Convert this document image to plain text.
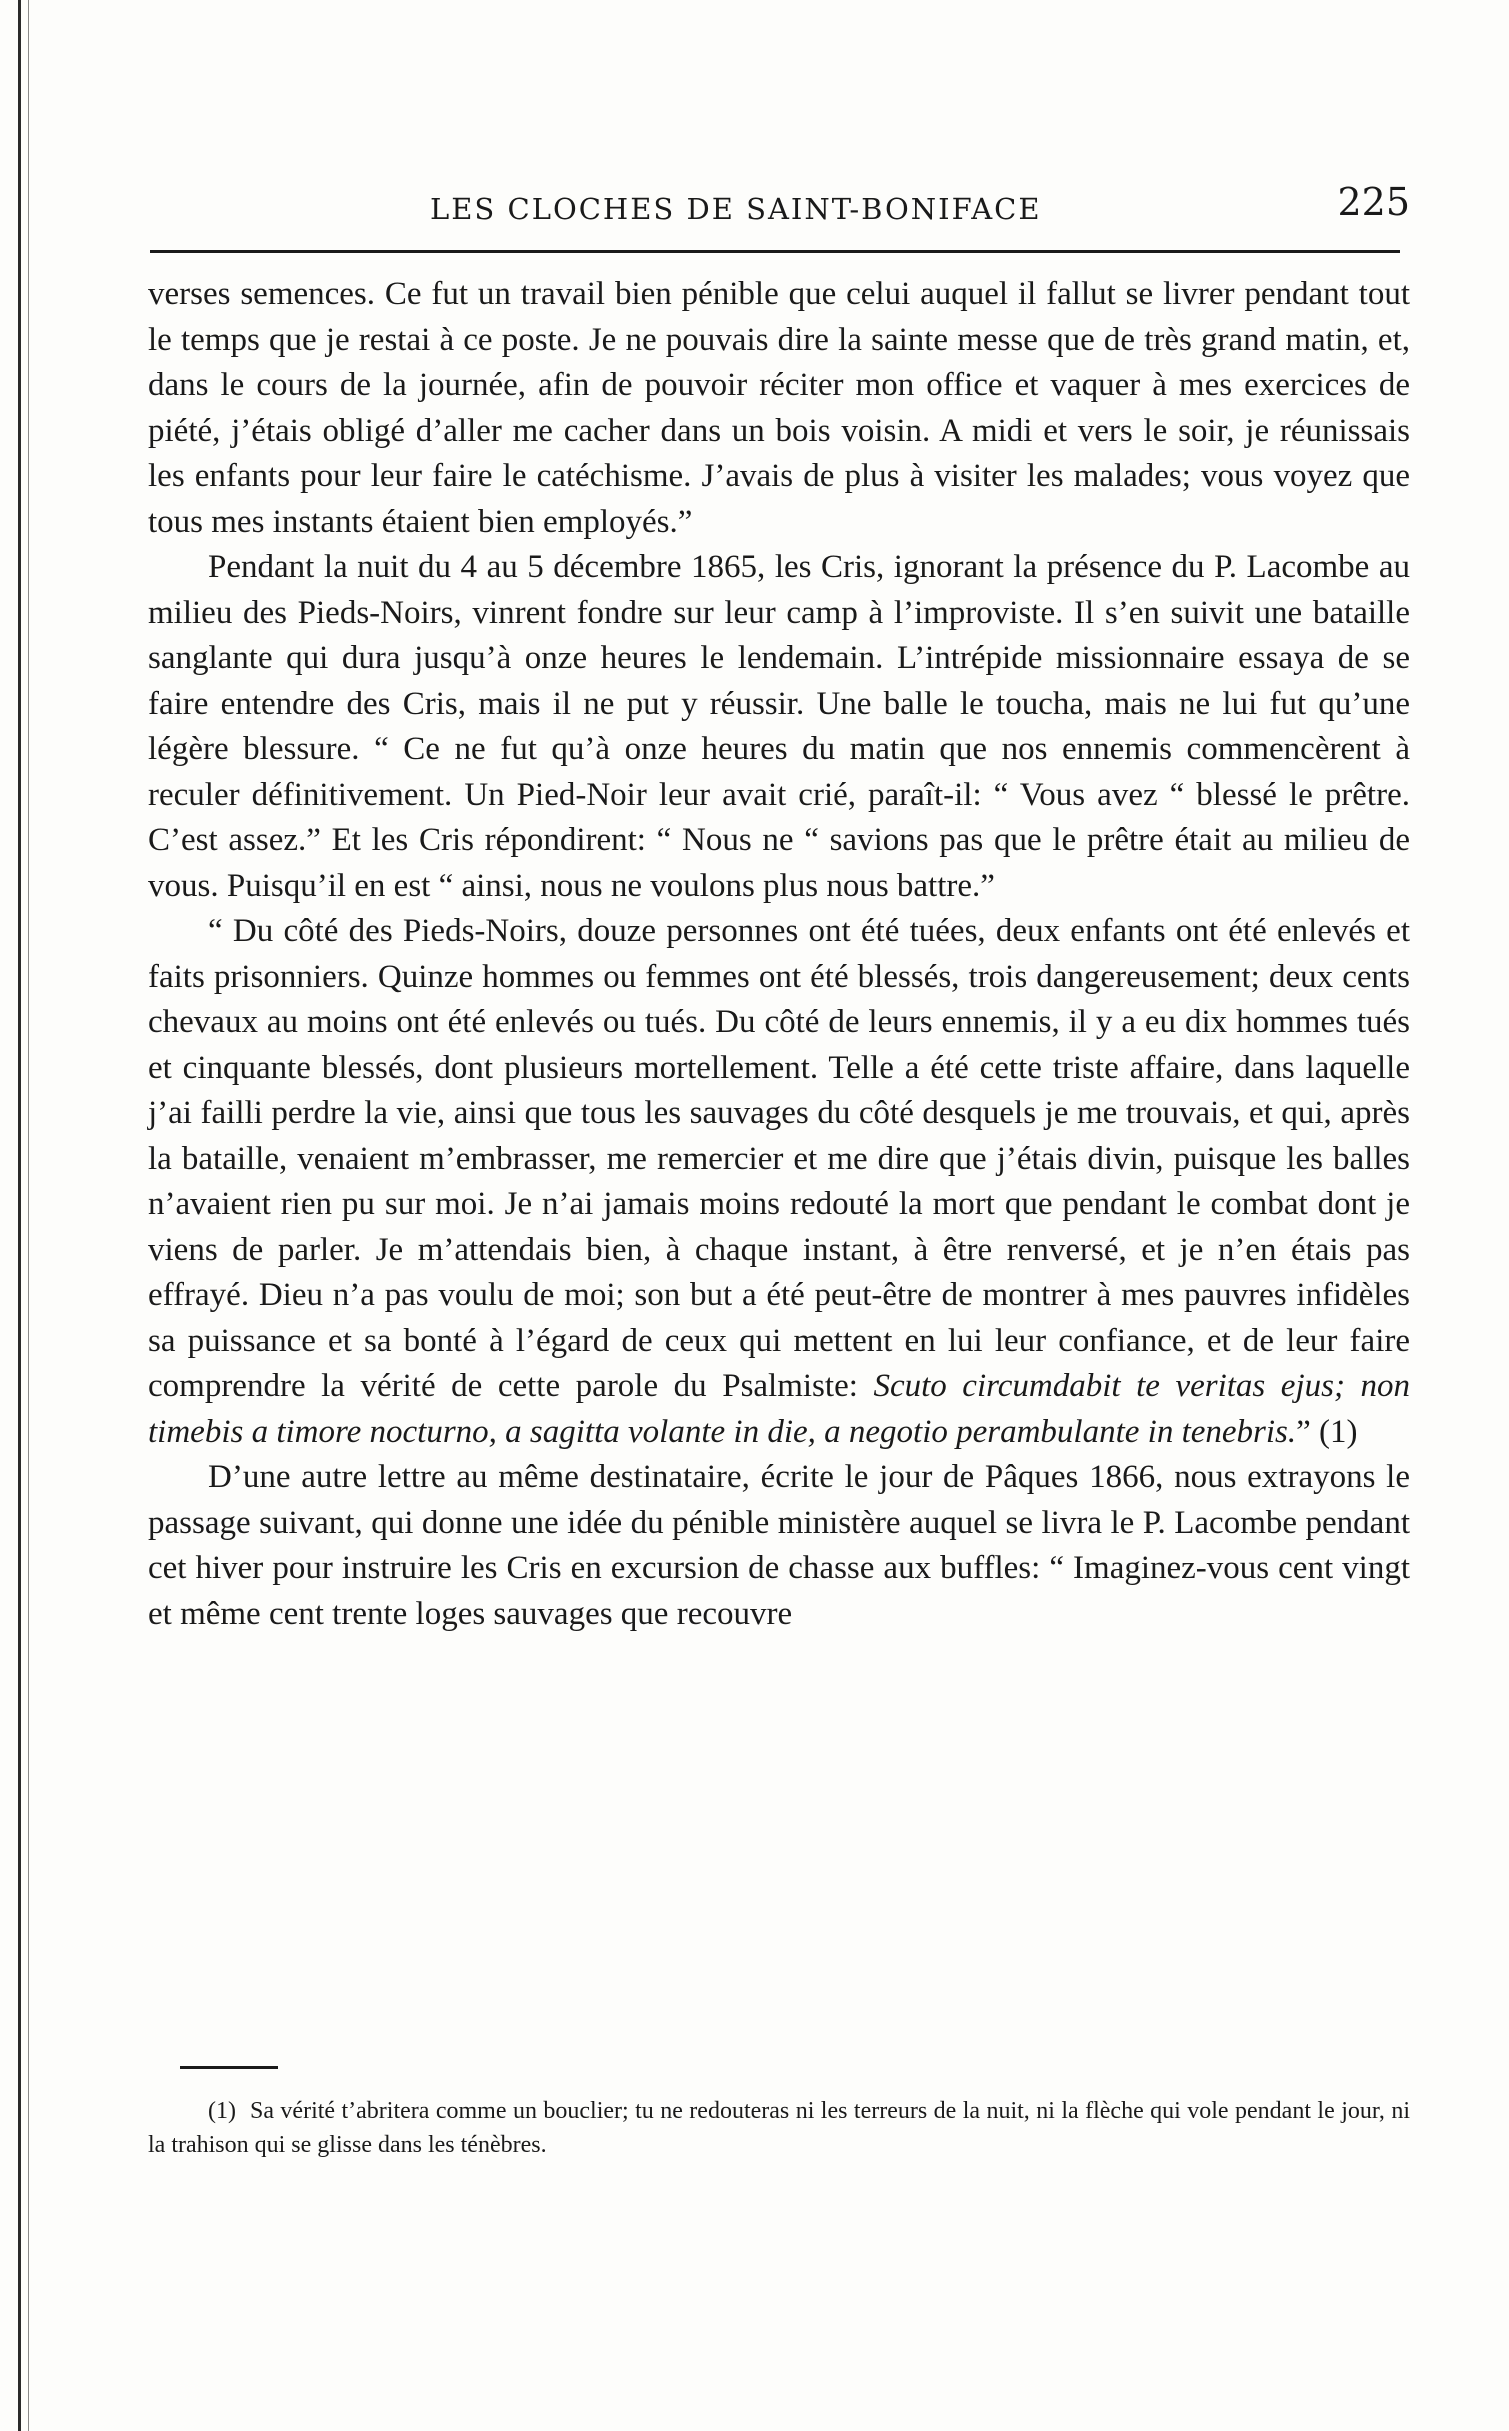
LES CLOCHES DE SAINT-BONIFACE	225

verses semences. Ce fut un travail bien pénible que celui auquel il fallut se livrer pendant tout le temps que je restai à ce poste. Je ne pouvais dire la sainte messe que de très grand matin, et, dans le cours de la journée, afin de pouvoir réciter mon office et vaquer à mes exercices de piété, j’étais obligé d’aller me cacher dans un bois voisin. A midi et vers le soir, je réunissais les enfants pour leur faire le catéchisme. J’avais de plus à visiter les malades; vous voyez que tous mes instants étaient bien employés.”

Pendant la nuit du 4 au 5 décembre 1865, les Cris, ignorant la présence du P. Lacombe au milieu des Pieds-Noirs, vinrent fondre sur leur camp à l’improviste. Il s’en suivit une bataille sanglante qui dura jusqu’à onze heures le lendemain. L’intrépide missionnaire essaya de se faire entendre des Cris, mais il ne put y réussir. Une balle le toucha, mais ne lui fut qu’une légère blessure. “ Ce ne fut qu’à onze heures du matin que nos ennemis commencèrent à reculer définitivement. Un Pied-Noir leur avait crié, paraît-il: “ Vous avez “ blessé le prêtre. C’est assez.” Et les Cris répondirent: “ Nous ne “ savions pas que le prêtre était au milieu de vous. Puisqu’il en est “ ainsi, nous ne voulons plus nous battre.”

“ Du côté des Pieds-Noirs, douze personnes ont été tuées, deux enfants ont été enlevés et faits prisonniers. Quinze hommes ou femmes ont été blessés, trois dangereusement; deux cents chevaux au moins ont été enlevés ou tués. Du côté de leurs ennemis, il y a eu dix hommes tués et cinquante blessés, dont plusieurs mortellement. Telle a été cette triste affaire, dans laquelle j’ai failli perdre la vie, ainsi que tous les sauvages du côté desquels je me trouvais, et qui, après la bataille, venaient m’embrasser, me remercier et me dire que j’étais divin, puisque les balles n’avaient rien pu sur moi. Je n’ai jamais moins redouté la mort que pendant le combat dont je viens de parler. Je m’attendais bien, à chaque instant, à être renversé, et je n’en étais pas effrayé. Dieu n’a pas voulu de moi; son but a été peut-être de montrer à mes pauvres infidèles sa puissance et sa bonté à l’égard de ceux qui mettent en lui leur confiance, et de leur faire comprendre la vérité de cette parole du Psalmiste: Scuto circumdabit te veritas ejus; non timebis a timore nocturno, a sagitta volante in die, a negotio perambulante in tenebris.” (1)

D’une autre lettre au même destinataire, écrite le jour de Pâques 1866, nous extrayons le passage suivant, qui donne une idée du pénible ministère auquel se livra le P. Lacombe pendant cet hiver pour instruire les Cris en excursion de chasse aux buffles: “ Imaginez-vous cent vingt et même cent trente loges sauvages que recouvre

(1) Sa vérité t’abritera comme un bouclier; tu ne redouteras ni les terreurs de la nuit, ni la flèche qui vole pendant le jour, ni la trahison qui se glisse dans les ténèbres.
